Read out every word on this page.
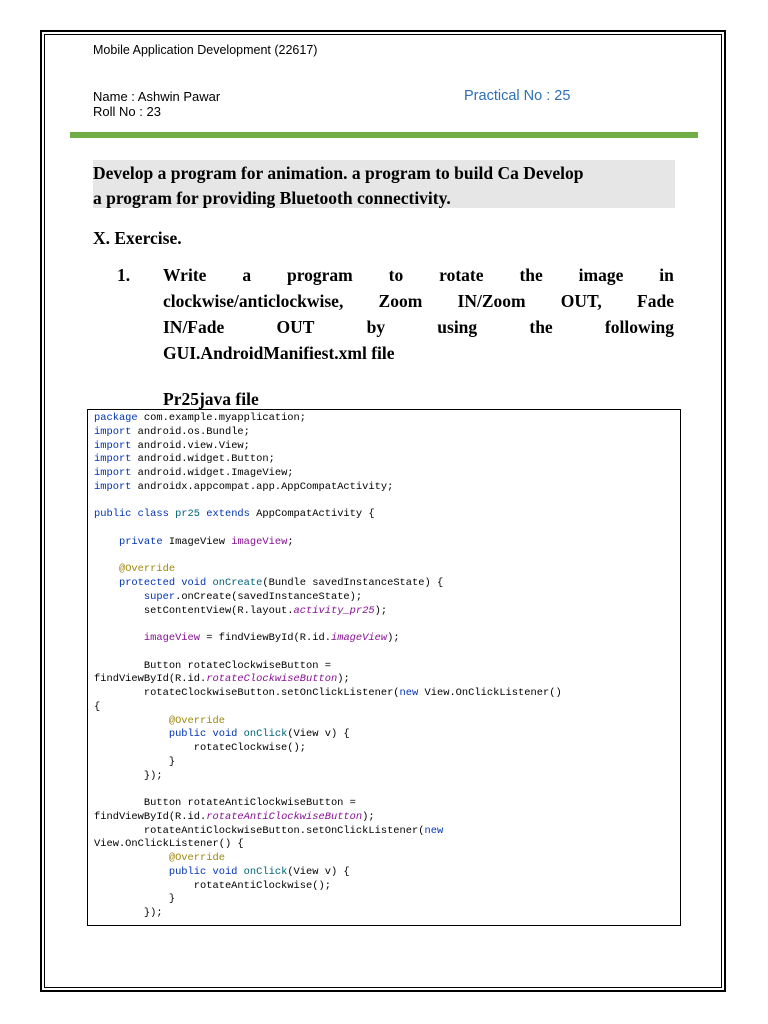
Mobile Application Development (22617)
Name : Ashwin Pawar
Roll No : 23
Practical No : 25
Develop a program for animation. a program to build Ca Develop
a program for providing Bluetooth connectivity.
X. Exercise.
1. Write a program to rotate the image in
clockwise/anticlockwise, Zoom IN/Zoom OUT, Fade
IN/Fade	OUT	by	using	the	following
GUI.AndroidManifiest.xml file
Pr25java file
package com.example.myapplication;
import android.os.Bundle;
import android.view.View;
import android.widget.Button;
import android.widget.ImageView;
import androidx.appcompat.app.AppCompatActivity;

public class pr25 extends AppCompatActivity {

private ImageView imageView;

@Override
protected void onCreate(Bundle savedInstanceState) {
super.onCreate(savedInstanceState);
setContentView(R.layout.activity_pr25);

imageView = findViewById(R.id.imageView);

Button rotateClockwiseButton =
findViewById(R.id.rotateClockwiseButton);
rotateClockwiseButton.setOnClickListener(new View.OnClickListener()
{
@Override
public void onClick(View v) {
rotateClockwise();
}
});

Button rotateAntiClockwiseButton =
findViewById(R.id.rotateAntiClockwiseButton);
rotateAntiClockwiseButton.setOnClickListener(new
View.OnClickListener() {
@Override
public void onClick(View v) {
rotateAntiClockwise();
}
});
